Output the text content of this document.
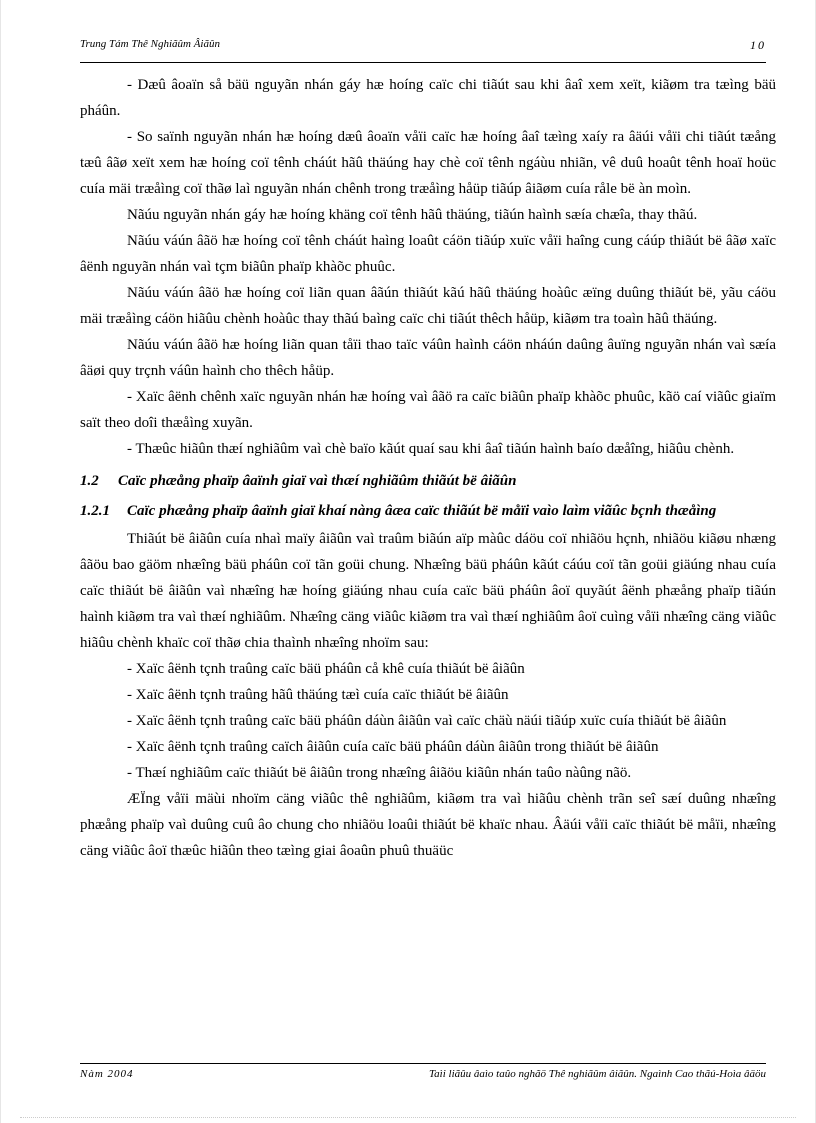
Trung Tám Thê Nghiãûm Âiãûn	10

- Dæû âoaïn så bäü nguyãn nhán gáy hæ hoíng caïc chi tiãút sau khi âaî xem xeït, kiãøm tra tæìng bäü pháûn.

- So saïnh nguyãn nhán hæ hoíng dæû âoaïn våïi caïc hæ hoíng âaî tæìng xaíy ra âäúi våïi chi tiãút tæång tæû âãø xeït xem hæ hoíng coï tênh cháút hãû thäúng hay chè coï tênh ngáùu nhiãn, vê duû hoaût tênh hoaï hoüc cuía mäi træåìng coï thãø laì nguyãn nhán chênh trong træåìng håüp tiãúp âiãøm cuía råle bë àn moìn.

Nãúu nguyãn nhán gáy hæ hoíng khäng coï tênh hãû thäúng, tiãún haình sæía chæîa, thay thãú.

Nãúu váún âãö hæ hoíng coï tênh cháút haìng loaût cáön tiãúp xuïc våïi haîng cung cáúp thiãút bë âãø xaïc âënh nguyãn nhán vaì tçm biãûn phaïp khàõc phuûc.

Nãúu váún âãö hæ hoíng coï liãn quan âãún thiãút kãú hãû thäúng hoàûc æïng duûng thiãút bë, yãu cáöu mäi træåìng cáön hiãûu chènh hoàûc thay thãú baìng caïc chi tiãút thêch håüp, kiãøm tra toaìn hãû thäúng.

Nãúu váún âãö hæ hoíng liãn quan tåïi thao taïc váûn haình cáön nháún daûng âuïng nguyãn nhán vaì sæía âäøi quy trçnh váûn haình cho thêch håüp.

- Xaïc âënh chênh xaïc nguyãn nhán hæ hoíng vaì âãö ra caïc biãûn phaïp khàõc phuûc, kãö caí viãûc giaïm saït theo doîi thæåìng xuyãn.

- Thæûc hiãûn thæí nghiãûm vaì chè baïo kãút quaí sau khi âaî tiãún haình baío dæåîng, hiãûu chènh.

1.2 Caïc phæång phaïp âaïnh giaï vaì thæí nghiãûm thiãút bë âiãûn
1.2.1 Caïc phæång phaïp âaïnh giaï khaí nàng âæa caïc thiãút bë måïi vaìo laìm viãûc bçnh thæåìng

Thiãút bë âiãûn cuía nhaì maïy âiãûn vaì traûm biãún aïp màûc dáöu coï nhiãöu hçnh, nhiãöu kiãøu nhæng âãöu bao gäöm nhæîng bäü pháûn coï tãn goüi chung. Nhæîng bäü pháûn kãút cáúu coï tãn goüi giäúng nhau cuía caïc thiãút bë âiãûn vaì nhæîng hæ hoíng giäúng nhau cuía caïc bäü pháûn âoï quyãút âënh phæång phaïp tiãún haình kiãøm tra vaì thæí nghiãûm. Nhæîng cäng viãûc kiãøm tra vaì thæí nghiãûm âoï cuìng våïi nhæîng cäng viãûc hiãûu chènh khaïc coï thãø chia thaình nhæîng nhoïm sau:

- Xaïc âënh tçnh traûng caïc bäü pháûn cå khê cuía thiãút bë âiãûn

- Xaïc âënh tçnh traûng hãû thäúng tæì cuía caïc thiãút bë âiãûn

- Xaïc âënh tçnh traûng caïc bäü pháûn dáùn âiãûn vaì caïc chäù näúi tiãúp xuïc cuía thiãút bë âiãûn

- Xaïc âënh tçnh traûng caïch âiãûn cuía caïc bäü pháûn dáùn âiãûn trong thiãút bë âiãûn

- Thæí nghiãûm caïc thiãút bë âiãûn trong nhæîng âiãöu kiãûn nhán taûo nàûng nãö.

ÆÏng våïi mäùi nhoïm cäng viãûc thê nghiãûm, kiãøm tra vaì hiãûu chènh trãn seî sæí duûng nhæîng phæång phaïp vaì duûng cuû âo chung cho nhiãöu loaûi thiãút bë khaïc nhau. Âäúi våïi caïc thiãút bë måïi, nhæîng cäng viãûc âoï thæûc hiãûn theo tæìng giai âoaûn phuû thuäüc

Nàm 2004	Taìi liãûu âaìo taûo nghãö Thê nghiãûm âiãûn. Ngaình Cao thãú-Hoìa âäöu
